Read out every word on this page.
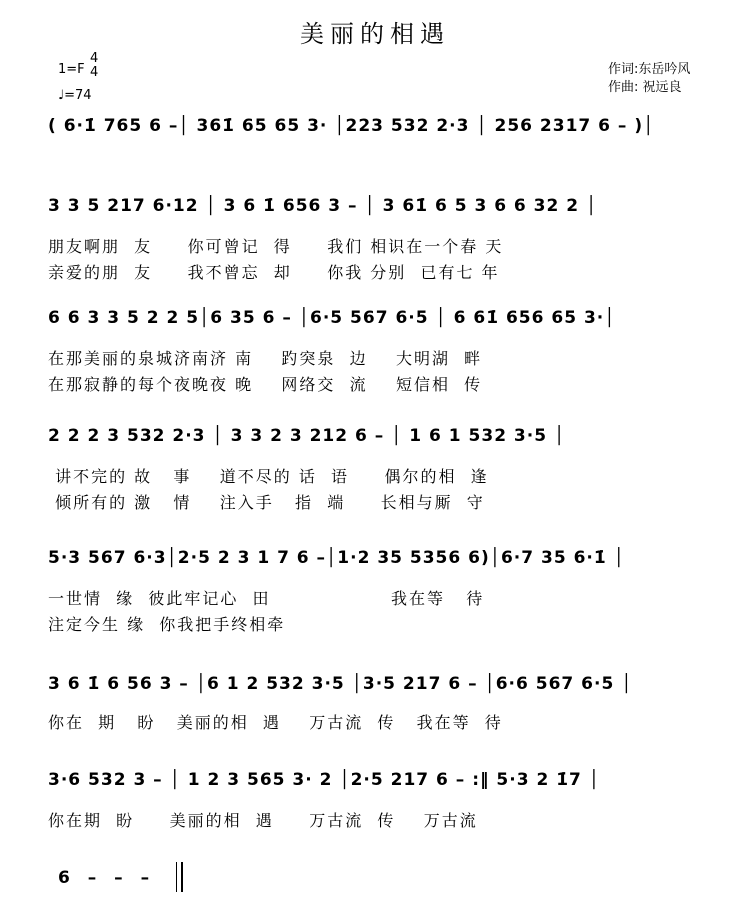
美丽的相遇
1=F
4
4
♩=74
作词:东岳吟风
作曲: 祝远良
( 6·1̇ 765 6 –│ 361̇ 65 65 3· │223 532 2·3 │ 256 2317 6 – )│
3 3 5 217 6·12 │ 3 6 1̇ 656 3 – │ 3 61̇ 6 5 3 6 6 32 2 │
朋友啊朋  友     你可曾记  得     我们 相识在一个春 天
亲爱的朋  友     我不曾忘  却     你我 分别  已有七 年
6 6 3 3 5 2 2 5│6 35 6 – │6·5 567 6·5 │ 6 61̇ 656 65 3·│
在那美丽的泉城济南济 南    趵突泉  边    大明湖  畔
在那寂静的每个夜晚夜 晚    网络交  流    短信相  传
2 2 2 3 532 2·3 │ 3 3 2 3 212 6 – │ 1 6 1 532 3·5 │
讲不完的 故   事    道不尽的 话  语     偶尔的相  逢
倾所有的 激   情    注入手   指  端     长相与厮  守
5·3 567 6·3│2·5 2 3 1 7 6 –│1·2 35 5356 6)│6·7 35 6·1̇ │
一世情  缘  彼此牢记心  田                 我在等   待
注定今生 缘  你我把手终相牵
3 6 1̇ 6 56 3 – │6 1 2 532 3·5 │3·5 217 6 – │6·6 567 6·5 │
你在  期   盼   美丽的相  遇    万古流  传   我在等  待
3·6 532 3 – │ 1 2 3 565 3· 2 │2·5 217 6 – :‖ 5·3 2 1̇7 │
你在期  盼     美丽的相  遇     万古流  传    万古流
6 – – –
